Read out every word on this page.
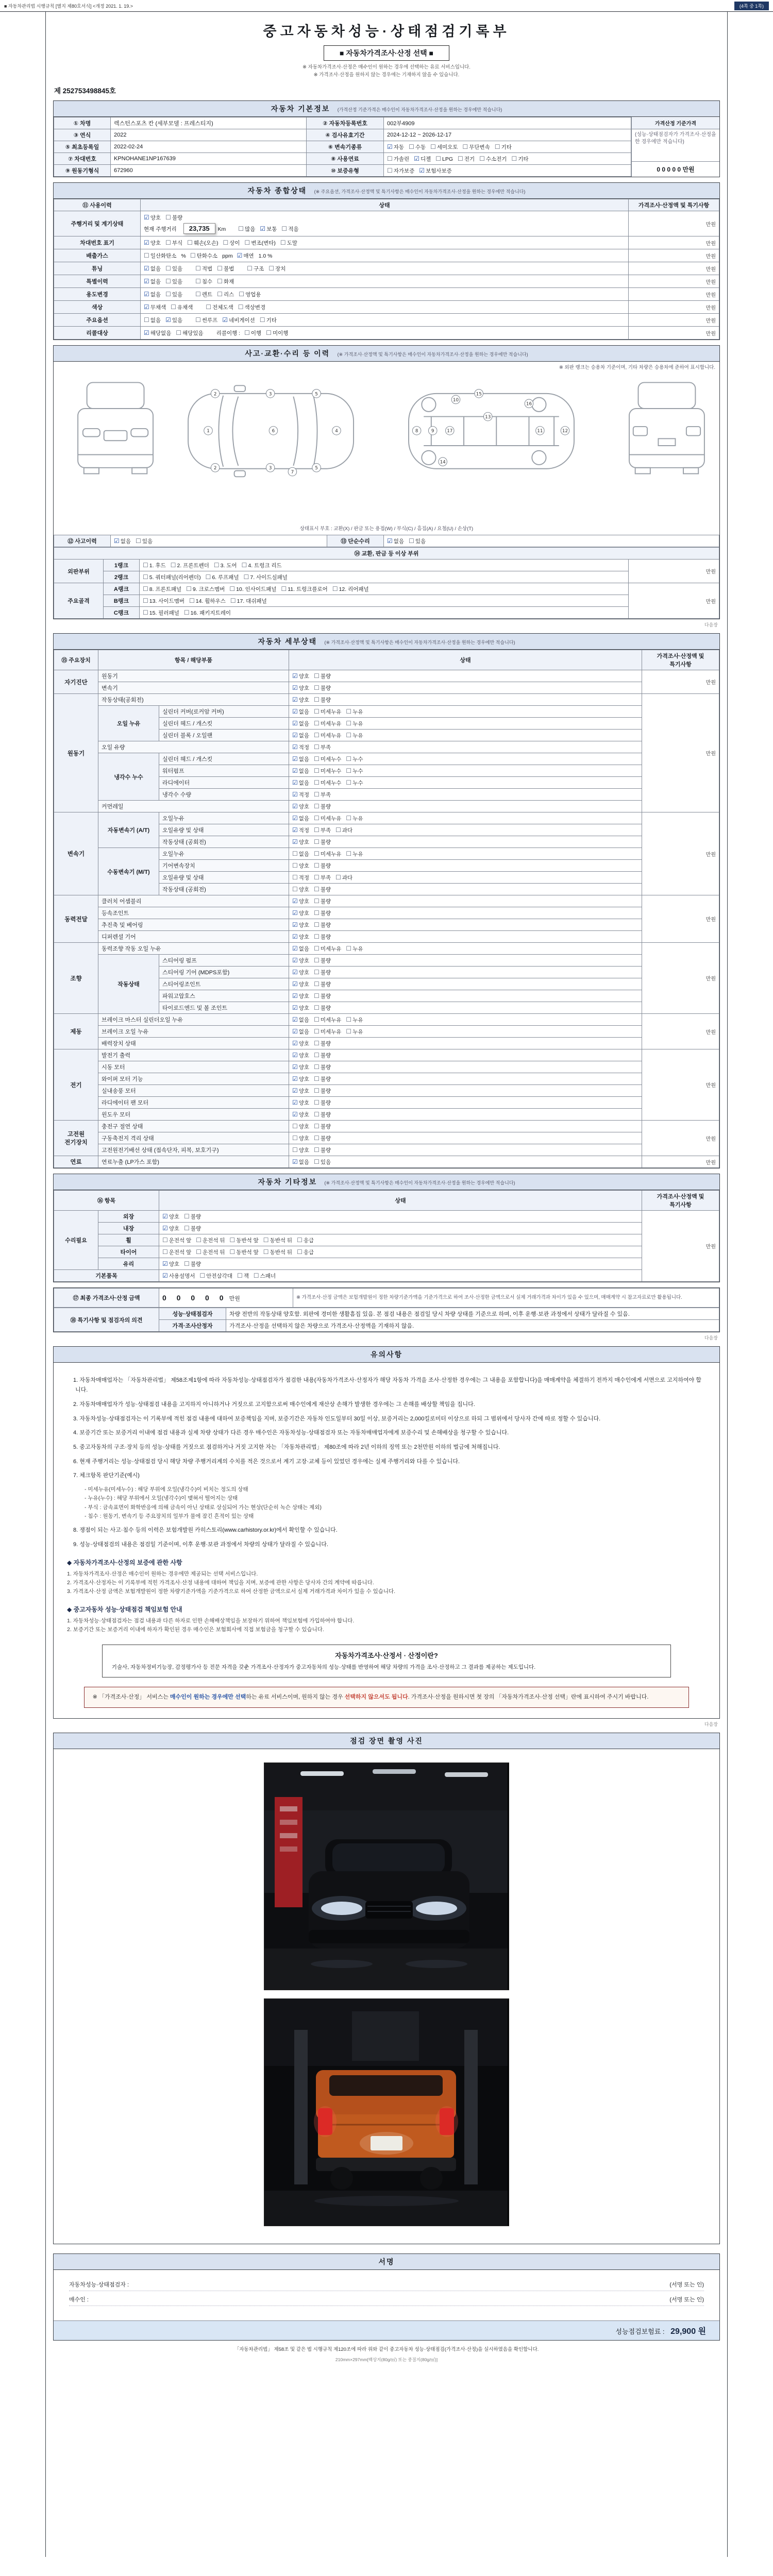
■ 자동차관리법 시행규칙 [별지 제80호서식] <개정 2021. 1. 19.>	(4쪽 중 1쪽)
중고자동차성능·상태점검기록부
■ 자동차가격조사·산정 선택 ■
※ 자동차가격조사·산정은 매수인이 원하는 경우에 선택하는 유료 서비스입니다.
※ 가격조사·산정을 원하지 않는 경우에는 기재하지 않을 수 있습니다.
제 252753498845호
자동차 기본정보 (가격산정 기준가격은 매수인이 자동차가격조사·산정을 원하는 경우에만 적습니다)
① 차명	렉스턴스포츠 칸 (세부모델 : 프레스티지)	② 자동차등록번호	002부4909
③ 연식	2022	④ 검사유효기간	2024-12-12 ~ 2026-12-17
⑤ 최초등록일	2022-02-24	⑥ 변속기종류	☑ 자동 ☐ 수동 ☐ 세미오토 ☐ 무단변속 ☐ 기타
⑦ 차대번호	KPNOHANE1NP167639	⑧ 사용연료	☐ 가솔린 ☑ 디젤 ☐ LPG ☐ 전기 ☐ 수소전기 ☐ 기타
⑨ 원동기형식	672960	⑩ 보증유형	☐ 자가보증 ☑ 보험사보증
가격산정 기준가격
(성능·상태점검자가 가격조사·산정을 한 경우에만 적습니다)
0 0 0 0 0 만원
자동차 종합상태 (※ 주요옵션, 가격조사·산정액 및 특기사항은 매수인이 자동차가격조사·산정을 원하는 경우에만 적습니다)
⑪ 사용이력	상태	가격조사·산정액 및 특기사항
주행거리 및 계기상태	☑ 양호 ☐ 불량
현재 주행거리 23,735 Km ☐ 많음 ☑ 보통 ☐ 적음	만원
차대번호 표기	☑ 양호 ☐ 부식 ☐ 훼손(오손) ☐ 상이 ☐ 변조(변타) ☐ 도말	만원
배출가스	☐ 일산화탄소 % ☐ 탄화수소 ppm ☑ 매연 1.0 %	만원
튜닝	☑ 없음 ☐ 있음 ☐ 적법 ☐ 불법 ☐ 구조 ☐ 장치	만원
특별이력	☑ 없음 ☐ 있음 ☐ 침수 ☐ 화재	만원
용도변경	☑ 없음 ☐ 있음 ☐ 렌트 ☐ 리스 ☐ 영업용	만원
색상	☑ 무채색 ☐ 유채색 ☐ 전체도색 ☐ 색상변경	만원
주요옵션	☐ 없음 ☑ 있음 ☐ 썬루프 ☑ 네비게이션 ☐ 기타	만원
리콜대상	☑ 해당없음 ☐ 해당있음 리콜이행 : ☐ 이행 ☐ 미이행	만원
사고·교환·수리 등 이력 (※ 가격조사·산정액 및 특기사항은 매수인이 자동차가격조사·산정을 원하는 경우에만 적습니다)
※ 외판 랭크는 승용차 기준이며, 기타 차량은 승용차에 준하여 표시합니다.
1
2
2
3
3
6
5
5
7
4	8	9	17
10
14
13
15
16
11	12
상태표시 부호 : 교환(X) / 판금 또는 용접(W) / 부식(C) / 흠집(A) / 요철(U) / 손상(T)
⑫ 사고이력	☑ 없음 ☐ 있음	⑬ 단순수리	☑ 없음 ☐ 있음
⑭ 교환, 판금 등 이상 부위			
외판부위	1랭크	☐ 1. 후드 ☐ 2. 프론트펜더 ☐ 3. 도어 ☐ 4. 트렁크 리드	만원
	2랭크	☐ 5. 쿼터패널(리어펜더) ☐ 6. 루프패널 ☐ 7. 사이드실패널	
주요골격	A랭크	☐ 8. 프론트패널 ☐ 9. 크로스멤버 ☐ 10. 인사이드패널 ☐ 11. 트렁크플로어 ☐ 12. 리어패널	만원
	B랭크	☐ 13. 사이드멤버 ☐ 14. 휠하우스 ☐ 17. 대쉬패널	
	C랭크	☐ 15. 필러패널 ☐ 16. 패키지트레이	
다음장
자동차 세부상태 (※ 가격조사·산정액 및 특기사항은 매수인이 자동차가격조사·산정을 원하는 경우에만 적습니다)
⑮ 주요장치	항목 / 해당부품		상태	가격조사·산정액 및 특기사항
자기진단	원동기		☑ 양호 ☐ 불량	만원
	변속기		☑ 양호 ☐ 불량	
원동기	작동상태(공회전)		☑ 양호 ☐ 불량	만원
	오일 누유	실린더 커버(로커암 커버)	☑ 없음 ☐ 미세누유 ☐ 누유	
		실린더 헤드 / 개스킷	☑ 없음 ☐ 미세누유 ☐ 누유	
		실린더 블록 / 오일팬	☑ 없음 ☐ 미세누유 ☐ 누유	
	오일 유량		☑ 적정 ☐ 부족	
	냉각수 누수	실린더 헤드 / 개스킷	☑ 없음 ☐ 미세누수 ☐ 누수	
		워터펌프	☑ 없음 ☐ 미세누수 ☐ 누수	
		라디에이터	☑ 없음 ☐ 미세누수 ☐ 누수	
		냉각수 수량	☑ 적정 ☐ 부족	
	커먼레일		☑ 양호 ☐ 불량	
변속기	자동변속기 (A/T)	오일누유	☑ 없음 ☐ 미세누유 ☐ 누유	만원
		오일유량 및 상태	☑ 적정 ☐ 부족 ☐ 과다	
		작동상태 (공회전)	☑ 양호 ☐ 불량	
	수동변속기 (M/T)	오일누유	☐ 없음 ☐ 미세누유 ☐ 누유	
		기어변속장치	☐ 양호 ☐ 불량	
		오일유량 및 상태	☐ 적정 ☐ 부족 ☐ 과다	
		작동상태 (공회전)	☐ 양호 ☐ 불량	
동력전달	클러치 어셈블리		☑ 양호 ☐ 불량	만원
	등속조인트		☑ 양호 ☐ 불량	
	추진축 및 베어링		☑ 양호 ☐ 불량	
	디퍼렌셜 기어		☑ 양호 ☐ 불량	
조향	동력조향 작동 오일 누유		☑ 없음 ☐ 미세누유 ☐ 누유	만원
	작동상태	스티어링 펌프	☑ 양호 ☐ 불량	
		스티어링 기어 (MDPS포함)	☑ 양호 ☐ 불량	
		스티어링조인트	☑ 양호 ☐ 불량	
		파워고압호스	☑ 양호 ☐ 불량	
		타이로드엔드 및 볼 조인트	☑ 양호 ☐ 불량	
제동	브레이크 마스터 실린더오일 누유		☑ 없음 ☐ 미세누유 ☐ 누유	만원
	브레이크 오일 누유		☑ 없음 ☐ 미세누유 ☐ 누유	
	배력장치 상태		☑ 양호 ☐ 불량	
전기	발전기 출력		☑ 양호 ☐ 불량	만원
	시동 모터		☑ 양호 ☐ 불량	
	와이퍼 모터 기능		☑ 양호 ☐ 불량	
	실내송풍 모터		☑ 양호 ☐ 불량	
	라디에이터 팬 모터		☑ 양호 ☐ 불량	
	윈도우 모터		☑ 양호 ☐ 불량	
고전원 전기장치	충전구 절연 상태		☐ 양호 ☐ 불량	만원
	구동축전지 격리 상태		☐ 양호 ☐ 불량	
	고전원전기배선 상태 (접속단자, 피복, 보호기구)		☐ 양호 ☐ 불량	
연료	연료누출 (LP가스 포함)		☑ 없음 ☐ 있음	만원
자동차 기타정보 (※ 가격조사·산정액 및 특기사항은 매수인이 자동차가격조사·산정을 원하는 경우에만 적습니다)
⑯ 항목		상태	가격조사·산정액 및 특기사항
수리필요	외장	☑ 양호 ☐ 불량	만원
	내장	☑ 양호 ☐ 불량	
	휠	☐ 운전석 앞 ☐ 운전석 뒤 ☐ 동반석 앞 ☐ 동반석 뒤 ☐ 응급	
	타이어	☐ 운전석 앞 ☐ 운전석 뒤 ☐ 동반석 앞 ☐ 동반석 뒤 ☐ 응급	
	유리	☑ 양호 ☐ 불량	
기본품목		☑ 사용설명서 ☐ 안전삼각대 ☐ 잭 ☐ 스패너	
⑰ 최종 가격조사·산정 금액	0 0 0 0 0 만원	※ 가격조사·산정 금액은 보험개발원이 정한 차량기준가액을 기준가격으로 하여 조사·산정한 금액으로서 실제 거래가격과 차이가 있을 수 있으며, 매매계약 시 참고자료로만 활용됩니다.
⑱ 특기사항 및 점검자의 의견	성능·상태점검자	차량 전반의 작동상태 양호함. 외판에 경미한 생활흠집 있음. 본 점검 내용은 점검일 당시 차량 상태를 기준으로 하며, 이후 운행·보관 과정에서 상태가 달라질 수 있음.
	가격·조사산정자	가격조사·산정을 선택하지 않은 차량으로 가격조사·산정액을 기재하지 않음.
다음장
유의사항
1. 자동차매매업자는 「자동차관리법」 제58조제1항에 따라 자동차성능·상태점검자가 점검한 내용(자동차가격조사·산정자가 해당 자동차 가격을 조사·산정한 경우에는 그 내용을 포함합니다)을 매매계약을 체결하기 전까지 매수인에게 서면으로 고지하여야 합니다.
2. 자동차매매업자가 성능·상태점검 내용을 고지하지 아니하거나 거짓으로 고지함으로써 매수인에게 재산상 손해가 발생한 경우에는 그 손해를 배상할 책임을 집니다.
3. 자동차성능·상태점검자는 이 기록부에 적힌 점검 내용에 대하여 보증책임을 지며, 보증기간은 자동차 인도일부터 30일 이상, 보증거리는 2,000킬로미터 이상으로 하되 그 범위에서 당사자 간에 따로 정할 수 있습니다.
4. 보증기간 또는 보증거리 이내에 점검 내용과 실제 차량 상태가 다른 경우 매수인은 자동차성능·상태점검자 또는 자동차매매업자에게 보증수리 및 손해배상을 청구할 수 있습니다.
5. 중고자동차의 구조·장치 등의 성능·상태를 거짓으로 점검하거나 거짓 고지한 자는 「자동차관리법」 제80조에 따라 2년 이하의 징역 또는 2천만원 이하의 벌금에 처해집니다.
6. 현재 주행거리는 성능·상태점검 당시 해당 차량 주행거리계의 수치를 적은 것으로서 계기 고장·교체 등이 있었던 경우에는 실제 주행거리와 다를 수 있습니다.
7. 체크항목 판단기준(예시)
- 미세누유(미세누수) : 해당 부위에 오일(냉각수)이 비치는 정도의 상태
- 누유(누수) : 해당 부위에서 오일(냉각수)이 맺혀서 떨어지는 상태
- 부식 : 금속표면이 화학반응에 의해 금속이 아닌 상태로 상실되어 가는 현상(단순히 녹슨 상태는 제외)
- 침수 : 원동기, 변속기 등 주요장치의 일부가 물에 잠긴 흔적이 있는 상태
8. 쟁점이 되는 사고·침수 등의 이력은 보험개발원 카히스토리(www.carhistory.or.kr)에서 확인할 수 있습니다.
9. 성능·상태점검의 내용은 점검일 기준이며, 이후 운행·보관 과정에서 차량의 상태가 달라질 수 있습니다.
◆ 자동차가격조사·산정의 보증에 관한 사항
1. 자동차가격조사·산정은 매수인이 원하는 경우에만 제공되는 선택 서비스입니다.
2. 가격조사·산정자는 이 기록부에 적힌 가격조사·산정 내용에 대하여 책임을 지며, 보증에 관한 사항은 당사자 간의 계약에 따릅니다.
3. 가격조사·산정 금액은 보험개발원이 정한 차량기준가액을 기준가격으로 하여 산정한 금액으로서 실제 거래가격과 차이가 있을 수 있습니다.
◆ 중고자동차 성능·상태점검 책임보험 안내
1. 자동차성능·상태점검자는 점검 내용과 다른 하자로 인한 손해배상책임을 보장하기 위하여 책임보험에 가입하여야 합니다.
2. 보증기간 또는 보증거리 이내에 하자가 확인된 경우 매수인은 보험회사에 직접 보험금을 청구할 수 있습니다.
자동차가격조사·산정서 · 산정이란?
기술사, 자동차정비기능장, 감정평가사 등 전문 자격을 갖춘 가격조사·산정자가 중고자동차의 성능·상태를 반영하여 해당 차량의 가격을 조사·산정하고 그 결과를 제공하는 제도입니다.
※ 「가격조사·산정」 서비스는 매수인이 원하는 경우에만 선택하는 유료 서비스이며, 원하지 않는 경우 선택하지 않으셔도 됩니다. 가격조사·산정을 원하시면 첫 장의 「자동차가격조사·산정 선택」란에 표시하여 주시기 바랍니다.
다음장
점검 장면 촬영 사진
서명
자동차성능·상태점검자 :	(서명 또는 인)
매수인 :	(서명 또는 인)
성능점검보험료 : 29,900 원
「자동차관리법」 제58조 및 같은 법 시행규칙 제120조에 따라 위와 같이 중고자동차 성능·상태점검(가격조사·산정)을 실시하였음을 확인합니다.
210mm×297mm[백상지(80g/㎡) 또는 중질지(80g/㎡)]
